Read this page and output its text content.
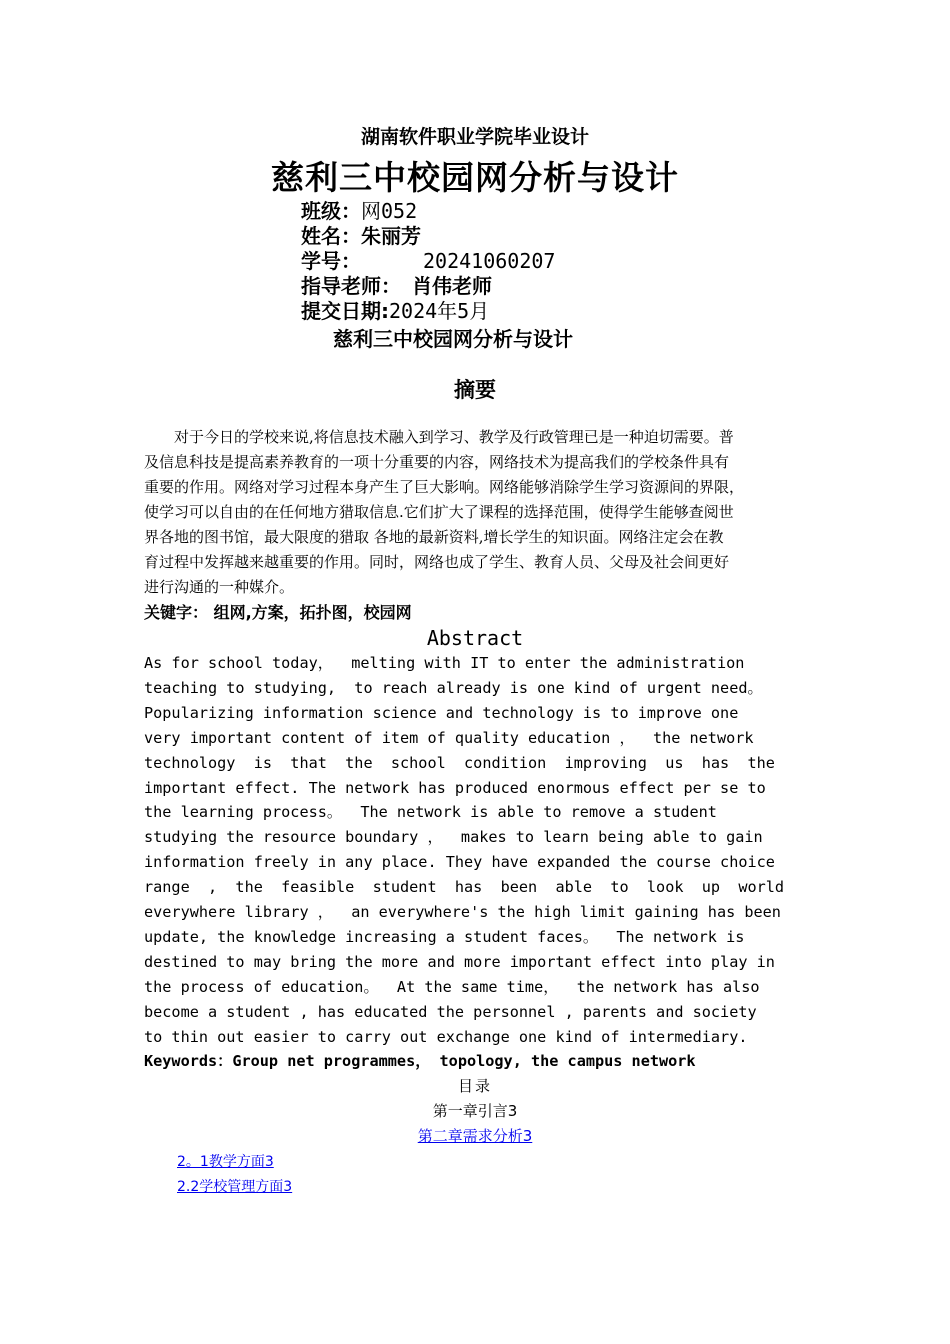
湖南软件职业学院毕业设计
慈利三中校园网分析与设计
班级：网052
姓名：朱丽芳
学号：	20241060207
指导老师： 肖伟老师
提交日期:2024年5月
慈利三中校园网分析与设计
摘要
　　对于今日的学校来说,将信息技术融入到学习、教学及行政管理已是一种迫切需要。普
及信息科技是提高素养教育的一项十分重要的内容，网络技术为提高我们的学校条件具有
重要的作用。网络对学习过程本身产生了巨大影响。网络能够消除学生学习资源间的界限，
使学习可以自由的在任何地方猎取信息.它们扩大了课程的选择范围，使得学生能够查阅世
界各地的图书馆，最大限度的猎取 各地的最新资料,增长学生的知识面。网络注定会在教
育过程中发挥越来越重要的作用。同时，网络也成了学生、教育人员、父母及社会间更好
进行沟通的一种媒介。
关键字： 组网,方案，拓扑图，校园网
Abstract
As for school today，  melting with IT to enter the administration
teaching to studying,  to reach already is one kind of urgent need。
Popularizing information science and technology is to improve one
very important content of item of quality education ，  the network
technology  is  that  the  school  condition  improving  us  has  the
important effect. The network has produced enormous effect per se to
the learning process。  The network is able to remove a student
studying the resource boundary ，  makes to learn being able to gain
information freely in any place. They have expanded the course choice
range  ,  the  feasible  student  has  been  able  to  look  up  world
everywhere library ，  an everywhere's the high limit gaining has been
update, the knowledge increasing a student faces。  The network is
destined to may bring the more and more important effect into play in
the process of education。  At the same time，  the network has also
become a student , has educated the personnel , parents and society
to thin out easier to carry out exchange one kind of intermediary.
Keywords：Group net programmes， topology, the campus network
目录
第一章引言3
第二章需求分析3
2。1教学方面3
2.2学校管理方面3
